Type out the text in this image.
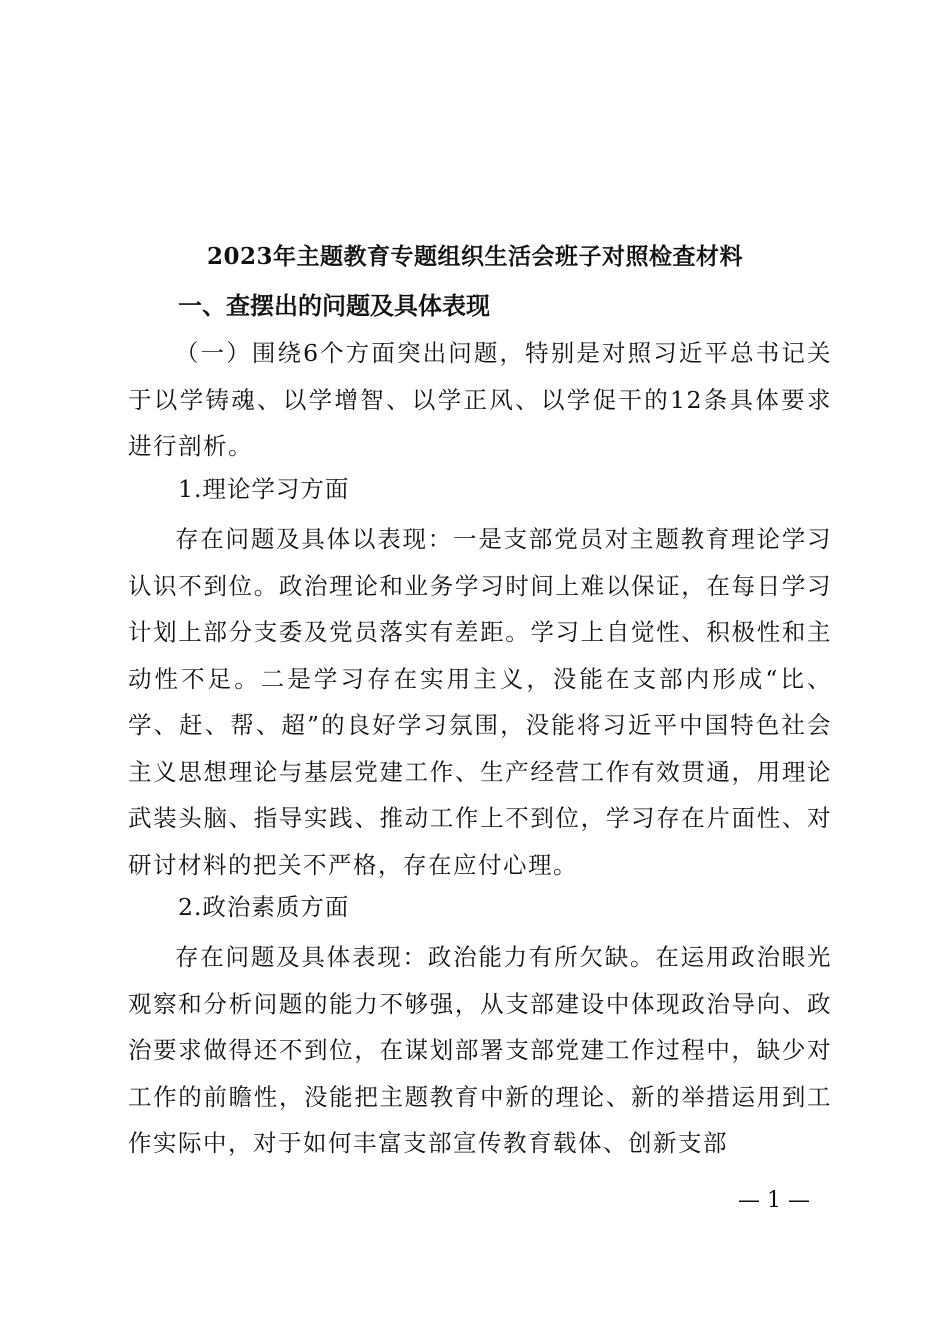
2023年主题教育专题组织生活会班子对照检查材料
一、查摆出的问题及具体表现

（一）围绕6个方面突出问题，特别是对照习近平总书记关于以学铸魂、以学增智、以学正风、以学促干的12条具体要求进行剖析。

1.理论学习方面

存在问题及具体以表现：一是支部党员对主题教育理论学习认识不到位。政治理论和业务学习时间上难以保证，在每日学习计划上部分支委及党员落实有差距。学习上自觉性、积极性和主动性不足。二是学习存在实用主义，没能在支部内形成“比、学、赶、帮、超”的良好学习氛围，没能将习近平中国特色社会主义思想理论与基层党建工作、生产经营工作有效贯通，用理论武装头脑、指导实践、推动工作上不到位，学习存在片面性、对研讨材料的把关不严格，存在应付心理。

2.政治素质方面

存在问题及具体表现：政治能力有所欠缺。在运用政治眼光观察和分析问题的能力不够强，从支部建设中体现政治导向、政治要求做得还不到位，在谋划部署支部党建工作过程中，缺少对工作的前瞻性，没能把主题教育中新的理论、新的举措运用到工作实际中，对于如何丰富支部宣传教育载体、创新支部

— 1 —
